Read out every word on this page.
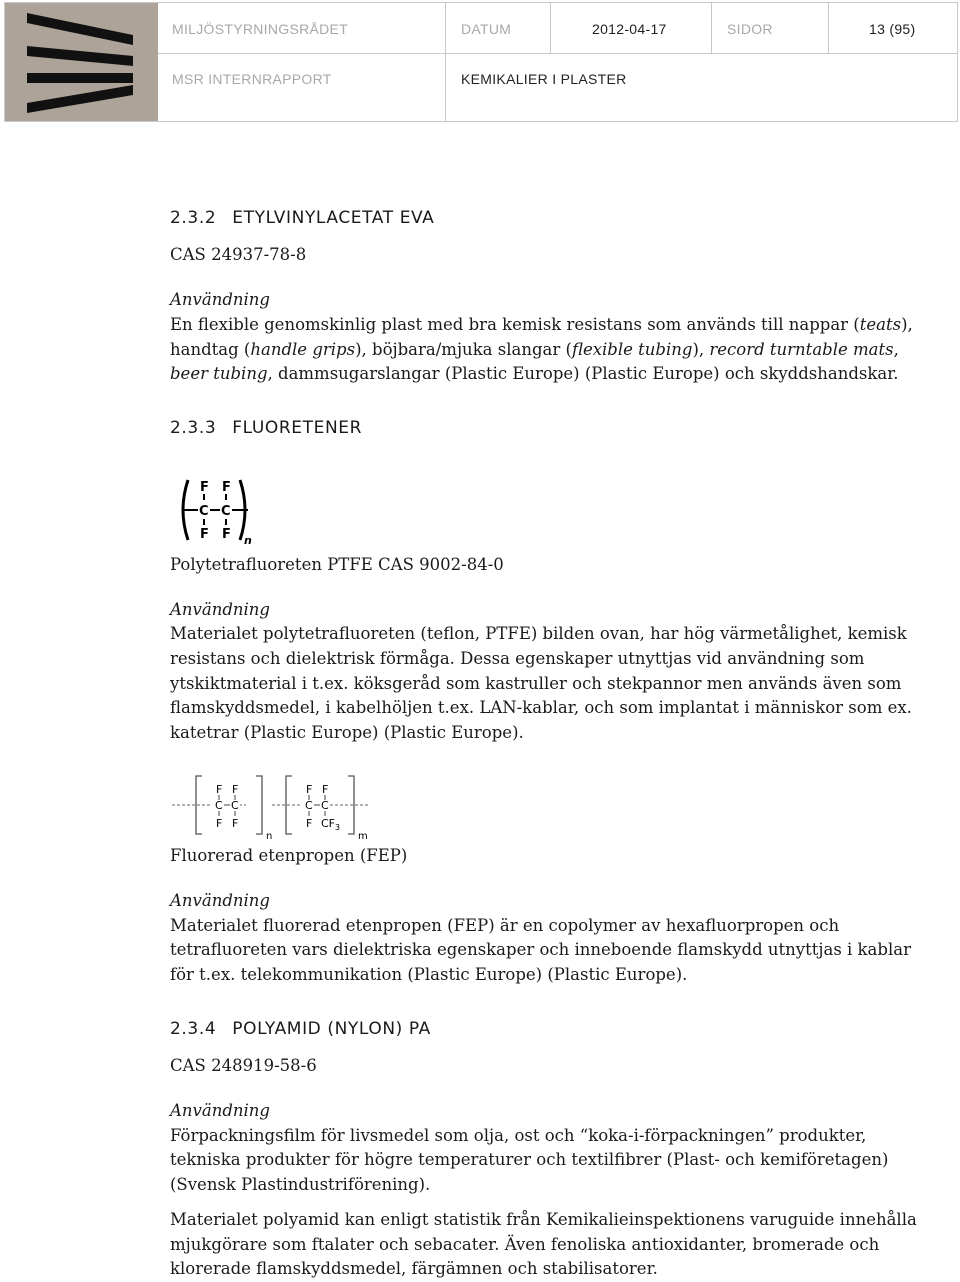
MILJÖSTYRNINGSRÅDET	DATUM	2012-04-17	SIDOR	13 (95)
MSR INTERNRAPPORT	KEMIKALIER I PLASTER
2.3.2 ETYLVINYLACETAT EVA
CAS 24937-78-8
Användning
En flexible genomskinlig plast med bra kemisk resistans som används till nappar (teats),
handtag (handle grips), böjbara/mjuka slangar (flexible tubing), record turntable mats,
beer tubing, dammsugarslangar (Plastic Europe) (Plastic Europe) och skyddshandskar.
2.3.3 FLUORETENER
F F
C C
F F n
Polytetrafluoreten PTFE CAS 9002-84-0
Användning
Materialet polytetrafluoreten (teflon, PTFE) bilden ovan, har hög värmetålighet, kemisk
resistans och dielektrisk förmåga. Dessa egenskaper utnyttjas vid användning som
ytskiktmaterial i t.ex. köksgeråd som kastruller och stekpannor men används även som
flamskyddsmedel, i kabelhöljen t.ex. LAN-kablar, och som implantat i människor som ex.
katetrar (Plastic Europe) (Plastic Europe).
F F
C C
F F
n
F F
C C
F $CF_3$
m
Fluorerad etenpropen (FEP)
Användning
Materialet fluorerad etenpropen (FEP) är en copolymer av hexafluorpropen och
tetrafluoreten vars dielektriska egenskaper och inneboende flamskydd utnyttjas i kablar
för t.ex. telekommunikation (Plastic Europe) (Plastic Europe).
2.3.4 POLYAMID (NYLON) PA
CAS 248919-58-6
Användning
Förpackningsfilm för livsmedel som olja, ost och “koka-i-förpackningen” produkter,
tekniska produkter för högre temperaturer och textilfibrer (Plast- och kemiföretagen)
(Svensk Plastindustriförening).
Materialet polyamid kan enligt statistik från Kemikalieinspektionens varuguide innehålla
mjukgörare som ftalater och sebacater. Även fenoliska antioxidanter, bromerade och
klorerade flamskyddsmedel, färgämnen och stabilisatorer.
